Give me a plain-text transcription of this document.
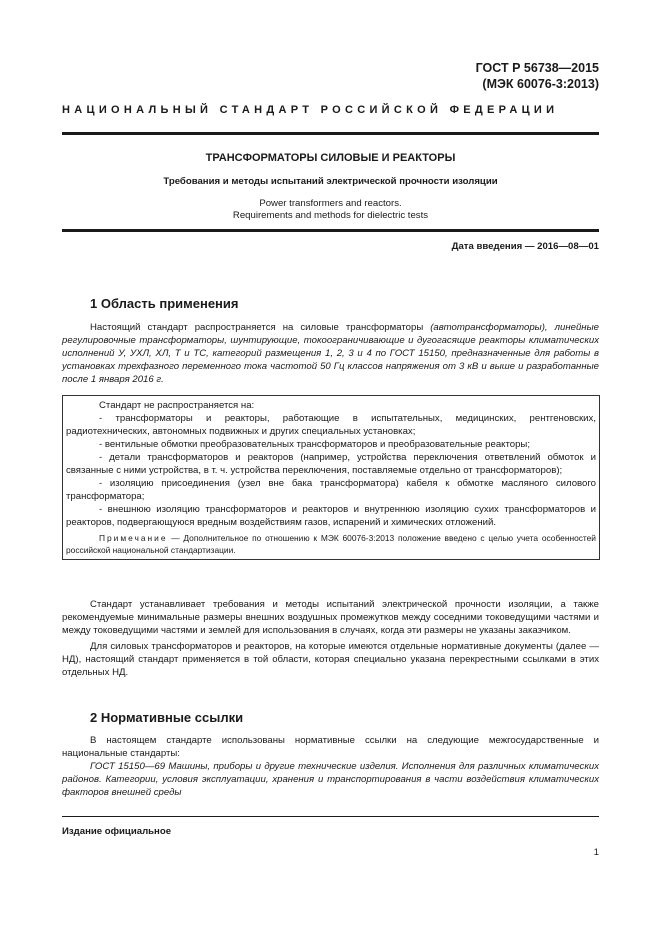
ГОСТ Р 56738—2015
(МЭК 60076-3:2013)
НАЦИОНАЛЬНЫЙ СТАНДАРТ РОССИЙСКОЙ ФЕДЕРАЦИИ
ТРАНСФОРМАТОРЫ СИЛОВЫЕ И РЕАКТОРЫ
Требования и методы испытаний электрической прочности изоляции
Power transformers and reactors.
Requirements and methods for dielectric tests
Дата введения — 2016—08—01
1 Область применения

Настоящий стандарт распространяется на силовые трансформаторы (автотрансформаторы), линейные регулировочные трансформаторы, шунтирующие, токоограничивающие и дугогасящие реакторы климатических исполнений У, УХЛ, ХЛ, Т и ТС, категорий размещения 1, 2, 3 и 4 по ГОСТ 15150, предназначенные для работы в установках трехфазного переменного тока частотой 50 Гц классов напряжения от 3 кВ и выше и разработанные после 1 января 2016 г.

Стандарт не распространяется на:

- трансформаторы и реакторы, работающие в испытательных, медицинских, рентгеновских, радиотехнических, автономных подвижных и других специальных установках;

- вентильные обмотки преобразовательных трансформаторов и преобразовательные реакторы;

- детали трансформаторов и реакторов (например, устройства переключения ответвлений обмоток и связанные с ними устройства, в т. ч. устройства переключения, поставляемые отдельно от трансформаторов);

- изоляцию присоединения (узел вне бака трансформатора) кабеля к обмотке масляного силового трансформатора;

- внешнюю изоляцию трансформаторов и реакторов и внутреннюю изоляцию сухих трансформаторов и реакторов, подвергающуюся вредным воздействиям газов, испарений и химических отложений.

Примечание — Дополнительное по отношению к МЭК 60076-3:2013 положение введено с целью учета особенностей российской национальной стандартизации.

Стандарт устанавливает требования и методы испытаний электрической прочности изоляции, а также рекомендуемые минимальные размеры внешних воздушных промежутков между соседними токоведущими частями и между токоведущими частями и землей для использования в случаях, когда эти размеры не указаны заказчиком.

Для силовых трансформаторов и реакторов, на которые имеются отдельные нормативные документы (далее — НД), настоящий стандарт применяется в той области, которая специально указана перекрестными ссылками в этих отдельных НД.

2 Нормативные ссылки

В настоящем стандарте использованы нормативные ссылки на следующие межгосударственные и национальные стандарты:

ГОСТ 15150—69 Машины, приборы и другие технические изделия. Исполнения для различных климатических районов. Категории, условия эксплуатации, хранения и транспортирования в части воздействия климатических факторов внешней среды

Издание официальное
1
